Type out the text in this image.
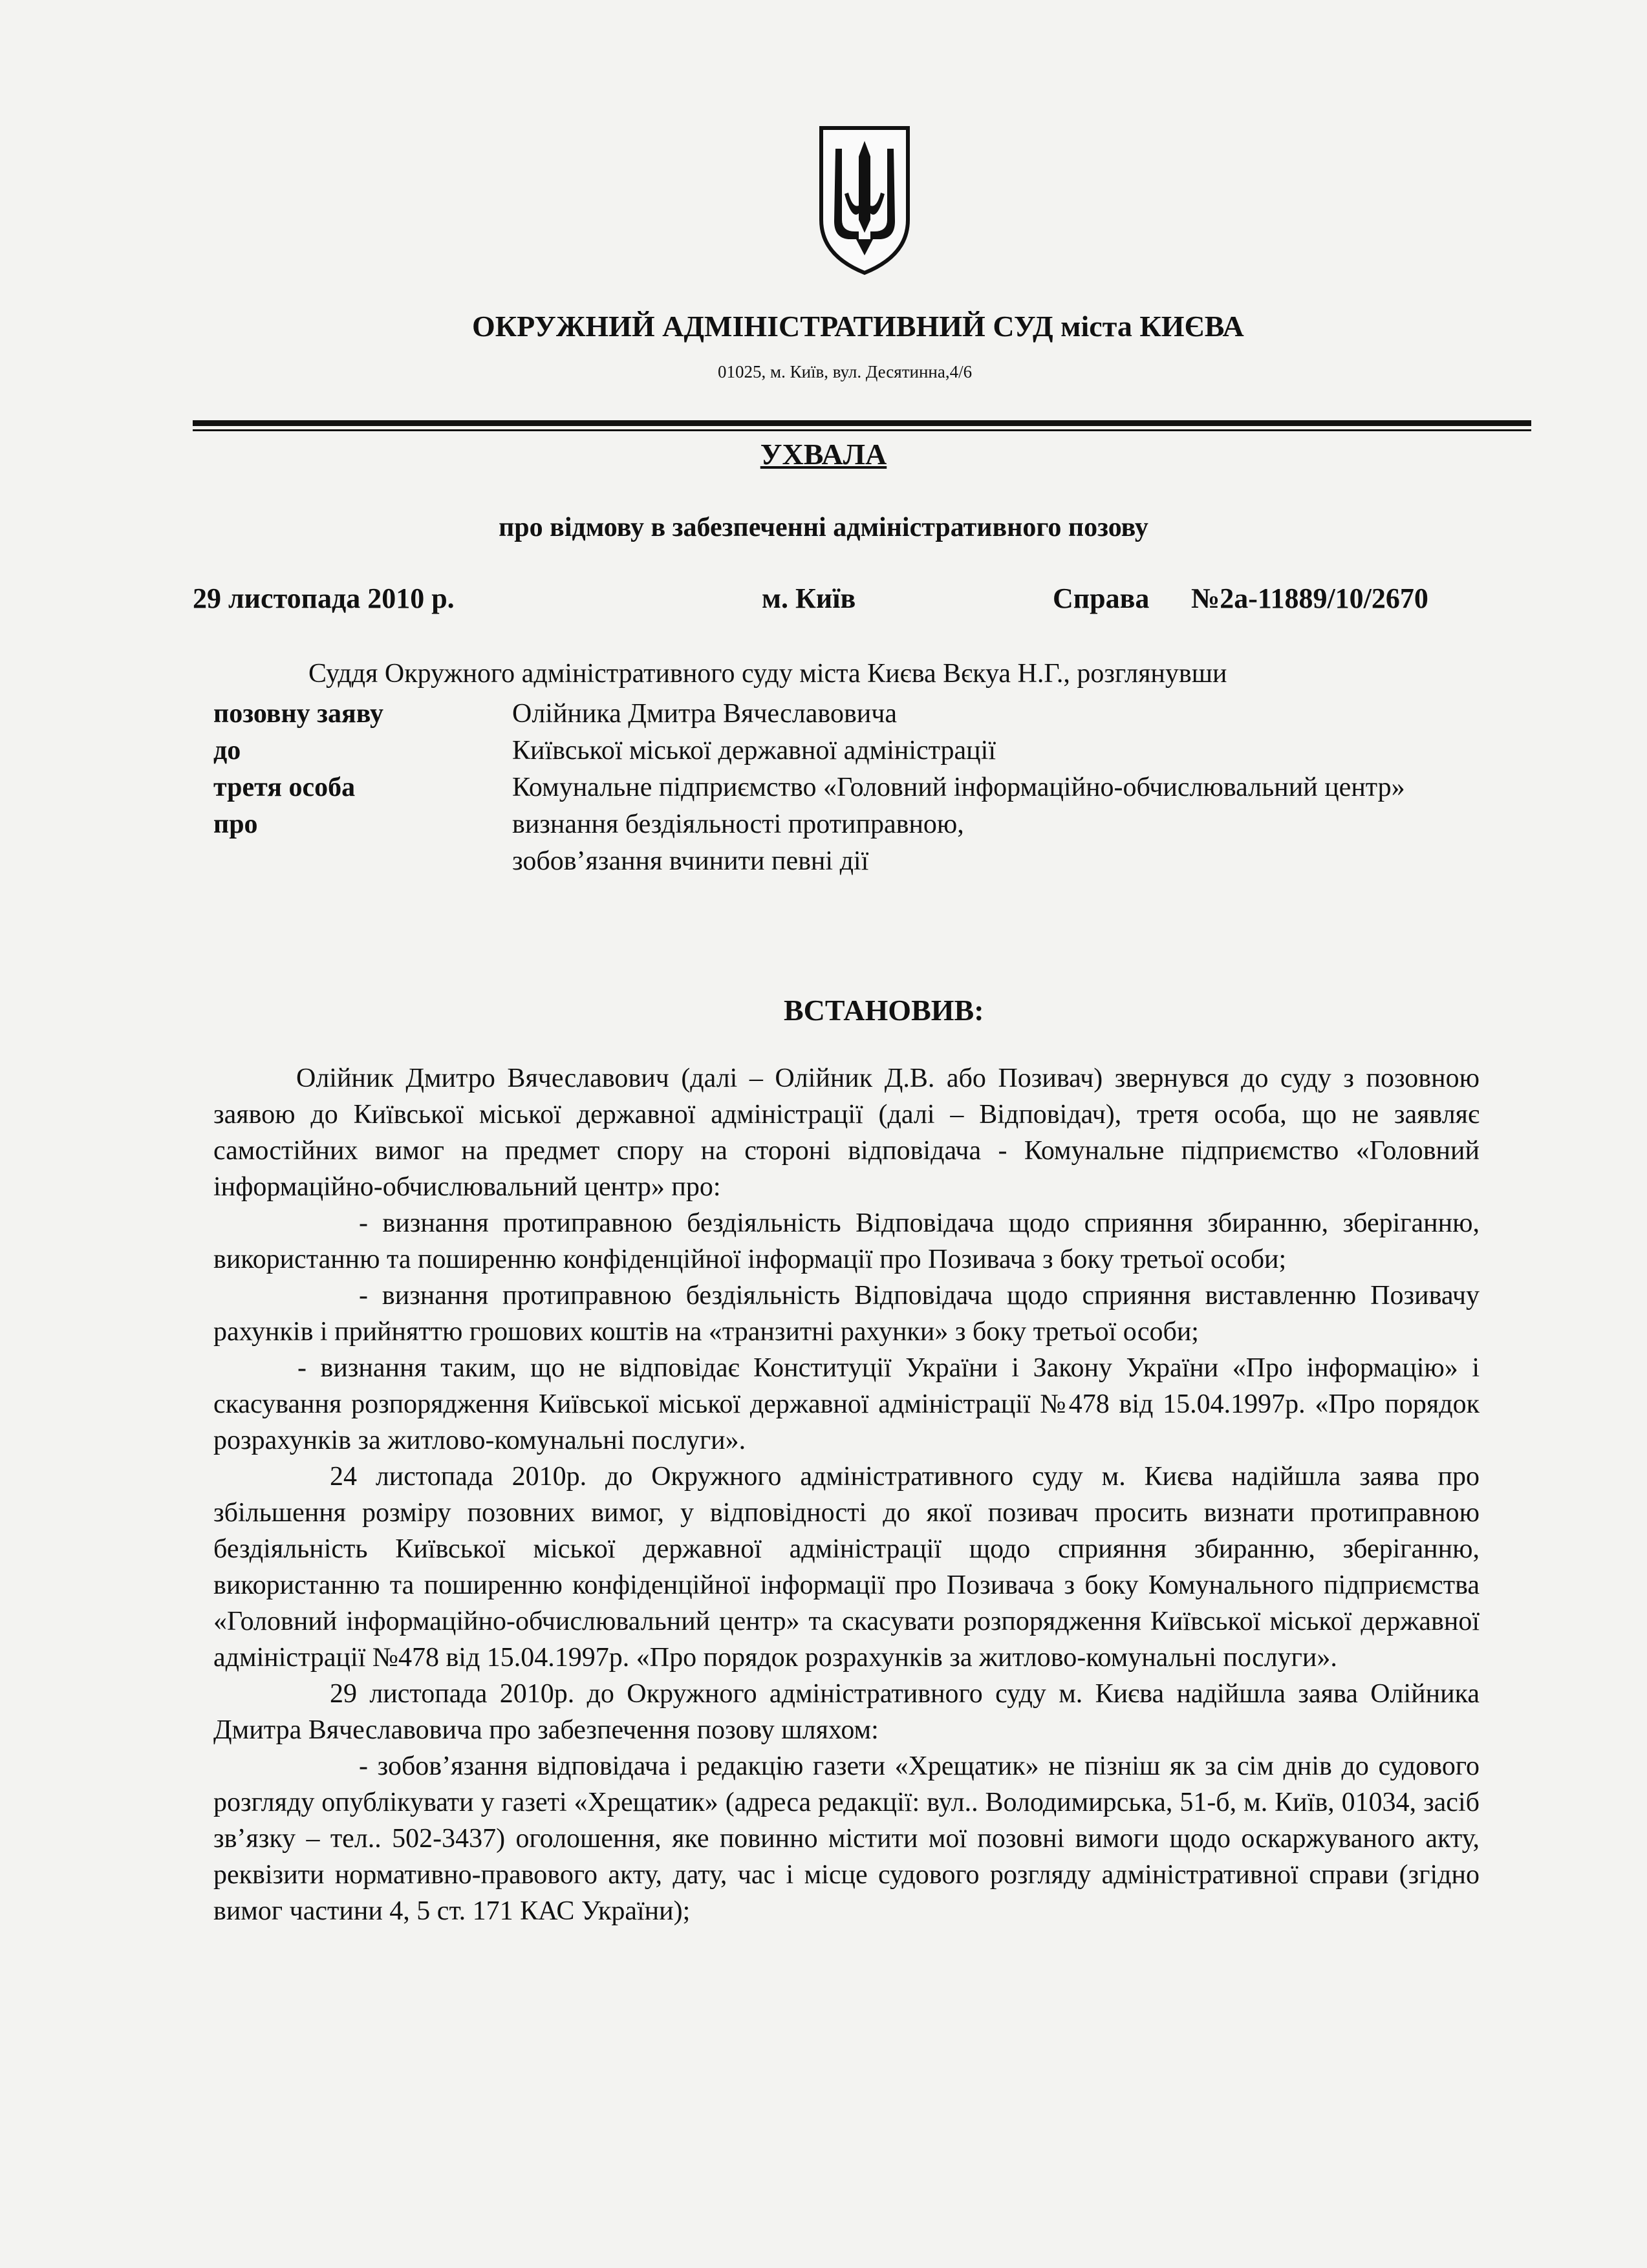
ОКРУЖНИЙ АДМІНІСТРАТИВНИЙ СУД міста КИЄВА
01025, м. Київ, вул. Десятинна,4/6
УХВАЛА
про відмову в забезпеченні адміністративного позову
29 листопада 2010 р.	м. Київ	Справа №2а-11889/10/2670
Суддя Окружного адміністративного суду міста Києва Вєкуа Н.Г., розглянувши
позовну заяву	Олійника Дмитра Вячеславовича
до	Київської міської державної адміністрації
третя особа	Комунальне підприємство «Головний інформаційно-обчислювальний центр»
про	визнання бездіяльності протиправною,
зобов’язання вчинити певні дії
ВСТАНОВИВ:

Олійник Дмитро Вячеславович (далі – Олійник Д.В. або Позивач) звернувся до суду з позовною заявою до Київської міської державної адміністрації (далі – Відповідач), третя особа, що не заявляє самостійних вимог на предмет спору на стороні відповідача - Комунальне підприємство «Головний інформаційно-обчислювальний центр» про:

- визнання протиправною бездіяльність Відповідача щодо сприяння збиранню, зберіганню, використанню та поширенню конфіденційної інформації про Позивача з боку третьої особи;

- визнання протиправною бездіяльність Відповідача щодо сприяння виставленню Позивачу рахунків і прийняттю грошових коштів на «транзитні рахунки» з боку третьої особи;

- визнання таким, що не відповідає Конституції України і Закону України «Про інформацію» і скасування розпорядження Київської міської державної адміністрації №478 від 15.04.1997р. «Про порядок розрахунків за житлово-комунальні послуги».

24 листопада 2010р. до Окружного адміністративного суду м. Києва надійшла заява про збільшення розміру позовних вимог, у відповідності до якої позивач просить визнати протиправною бездіяльність Київської міської державної адміністрації щодо сприяння збиранню, зберіганню, використанню та поширенню конфіденційної інформації про Позивача з боку Комунального підприємства «Головний інформаційно-обчислювальний центр» та скасувати розпорядження Київської міської державної адміністрації №478 від 15.04.1997р. «Про порядок розрахунків за житлово-комунальні послуги».

29 листопада 2010р. до Окружного адміністративного суду м. Києва надійшла заява Олійника Дмитра Вячеславовича про забезпечення позову шляхом:

- зобов’язання відповідача і редакцію газети «Хрещатик» не пізніш як за сім днів до судового розгляду опублікувати у газеті «Хрещатик» (адреса редакції: вул.. Володимирська, 51-б, м. Київ, 01034, засіб зв’язку – тел.. 502-3437) оголошення, яке повинно містити мої позовні вимоги щодо оскаржуваного акту, реквізити нормативно-правового акту, дату, час і місце судового розгляду адміністративної справи (згідно вимог частини 4, 5 ст. 171 КАС України);
